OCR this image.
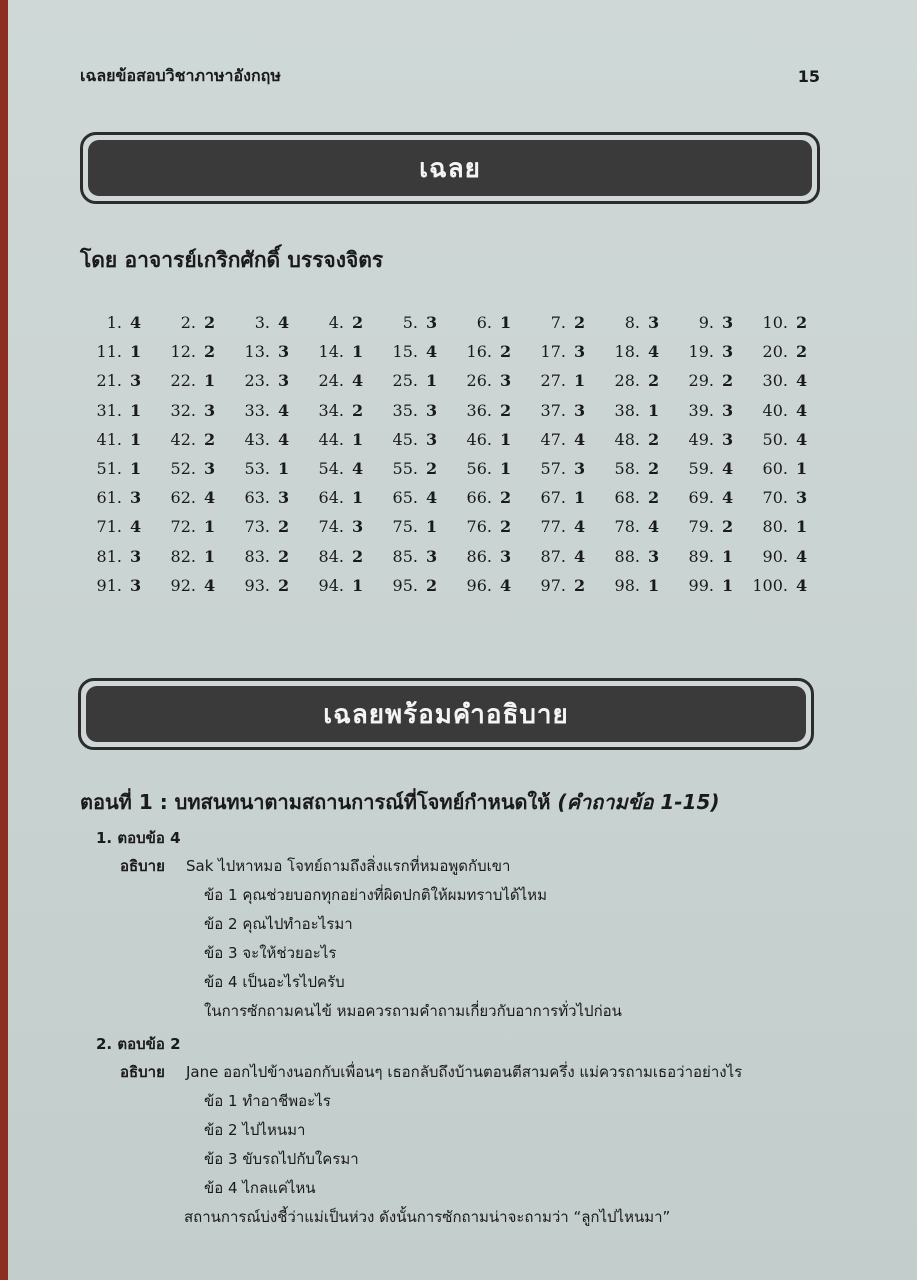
เฉลยข้อสอบวิชาภาษาอังกฤษ	15
เฉลย
โดย อาจารย์เกริกศักดิ์ บรรจงจิตร
1. 4 2. 2 3. 4 4. 2 5. 3 6. 1 7. 2 8. 3 9. 3 10. 2
11. 1 12. 2 13. 3 14. 1 15. 4 16. 2 17. 3 18. 4 19. 3 20. 2
21. 3 22. 1 23. 3 24. 4 25. 1 26. 3 27. 1 28. 2 29. 2 30. 4
31. 1 32. 3 33. 4 34. 2 35. 3 36. 2 37. 3 38. 1 39. 3 40. 4
41. 1 42. 2 43. 4 44. 1 45. 3 46. 1 47. 4 48. 2 49. 3 50. 4
51. 1 52. 3 53. 1 54. 4 55. 2 56. 1 57. 3 58. 2 59. 4 60. 1
61. 3 62. 4 63. 3 64. 1 65. 4 66. 2 67. 1 68. 2 69. 4 70. 3
71. 4 72. 1 73. 2 74. 3 75. 1 76. 2 77. 4 78. 4 79. 2 80. 1
81. 3 82. 1 83. 2 84. 2 85. 3 86. 3 87. 4 88. 3 89. 1 90. 4
91. 3 92. 4 93. 2 94. 1 95. 2 96. 4 97. 2 98. 1 99. 1 100. 4
เฉลยพร้อมคำอธิบาย
ตอนที่ 1 : บทสนทนาตามสถานการณ์ที่โจทย์กำหนดให้ (คำถามข้อ 1-15)
1. ตอบข้อ 4
อธิบาย	Sak ไปหาหมอ โจทย์ถามถึงสิ่งแรกที่หมอพูดกับเขา
ข้อ 1 คุณช่วยบอกทุกอย่างที่ผิดปกติให้ผมทราบได้ไหม
ข้อ 2 คุณไปทำอะไรมา
ข้อ 3 จะให้ช่วยอะไร
ข้อ 4 เป็นอะไรไปครับ
ในการซักถามคนไข้ หมอควรถามคำถามเกี่ยวกับอาการทั่วไปก่อน
2. ตอบข้อ 2
อธิบาย	Jane ออกไปข้างนอกกับเพื่อนๆ เธอกลับถึงบ้านตอนตีสามครึ่ง แม่ควรถามเธอว่าอย่างไร
ข้อ 1 ทำอาชีพอะไร
ข้อ 2 ไปไหนมา
ข้อ 3 ขับรถไปกับใครมา
ข้อ 4 ไกลแค่ไหน
สถานการณ์บ่งชี้ว่าแม่เป็นห่วง ดังนั้นการซักถามน่าจะถามว่า “ลูกไปไหนมา”
